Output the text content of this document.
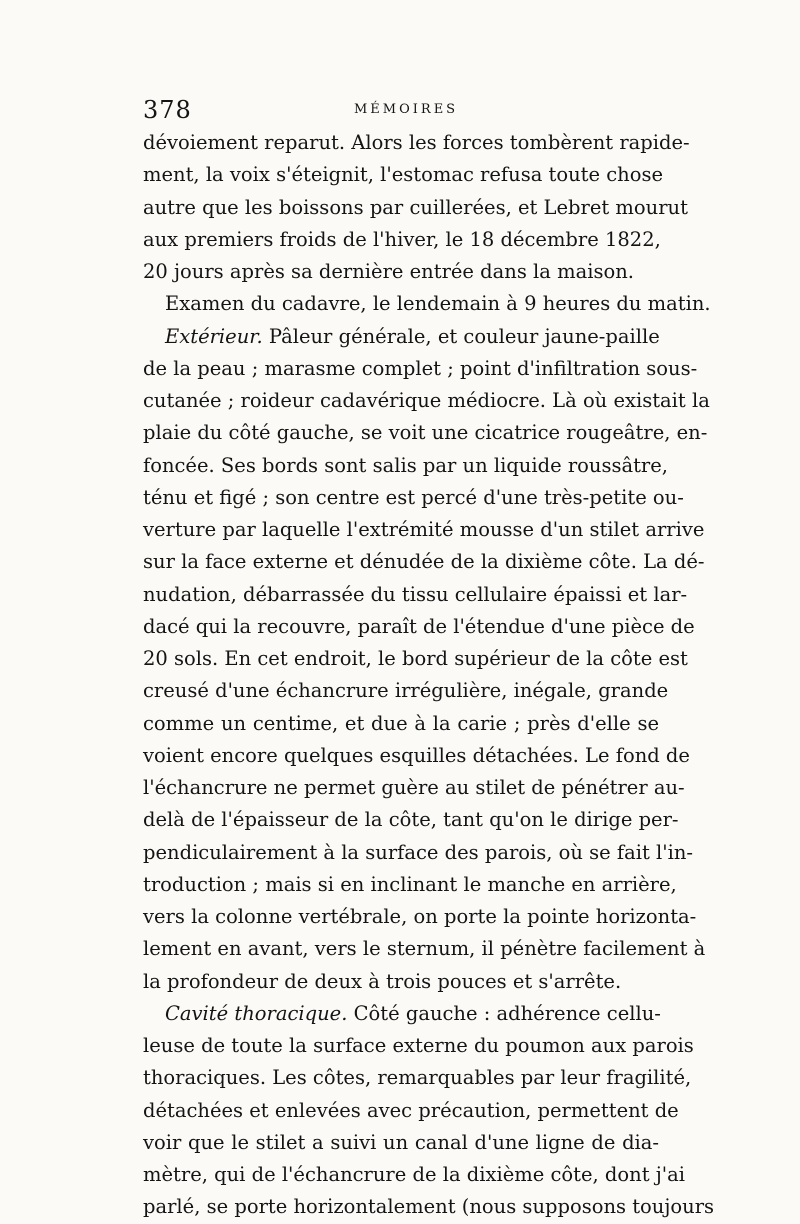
378	MÉMOIRES
dévoiement reparut. Alors les forces tombèrent rapide-
ment, la voix s'éteignit, l'estomac refusa toute chose
autre que les boissons par cuillerées, et Lebret mourut
aux premiers froids de l'hiver, le 18 décembre 1822,
20 jours après sa dernière entrée dans la maison.
Examen du cadavre, le lendemain à 9 heures du matin.
Extérieur. Pâleur générale, et couleur jaune-paille
de la peau ; marasme complet ; point d'infiltration sous-
cutanée ; roideur cadavérique médiocre. Là où existait la
plaie du côté gauche, se voit une cicatrice rougeâtre, en-
foncée. Ses bords sont salis par un liquide roussâtre,
ténu et figé ; son centre est percé d'une très-petite ou-
verture par laquelle l'extrémité mousse d'un stilet arrive
sur la face externe et dénudée de la dixième côte. La dé-
nudation, débarrassée du tissu cellulaire épaissi et lar-
dacé qui la recouvre, paraît de l'étendue d'une pièce de
20 sols. En cet endroit, le bord supérieur de la côte est
creusé d'une échancrure irrégulière, inégale, grande
comme un centime, et due à la carie ; près d'elle se
voient encore quelques esquilles détachées. Le fond de
l'échancrure ne permet guère au stilet de pénétrer au-
delà de l'épaisseur de la côte, tant qu'on le dirige per-
pendiculairement à la surface des parois, où se fait l'in-
troduction ; mais si en inclinant le manche en arrière,
vers la colonne vertébrale, on porte la pointe horizonta-
lement en avant, vers le sternum, il pénètre facilement à
la profondeur de deux à trois pouces et s'arrête.
Cavité thoracique. Côté gauche : adhérence cellu-
leuse de toute la surface externe du poumon aux parois
thoraciques. Les côtes, remarquables par leur fragilité,
détachées et enlevées avec précaution, permettent de
voir que le stilet a suivi un canal d'une ligne de dia-
mètre, qui de l'échancrure de la dixième côte, dont j'ai
parlé, se porte horizontalement (nous supposons toujours
